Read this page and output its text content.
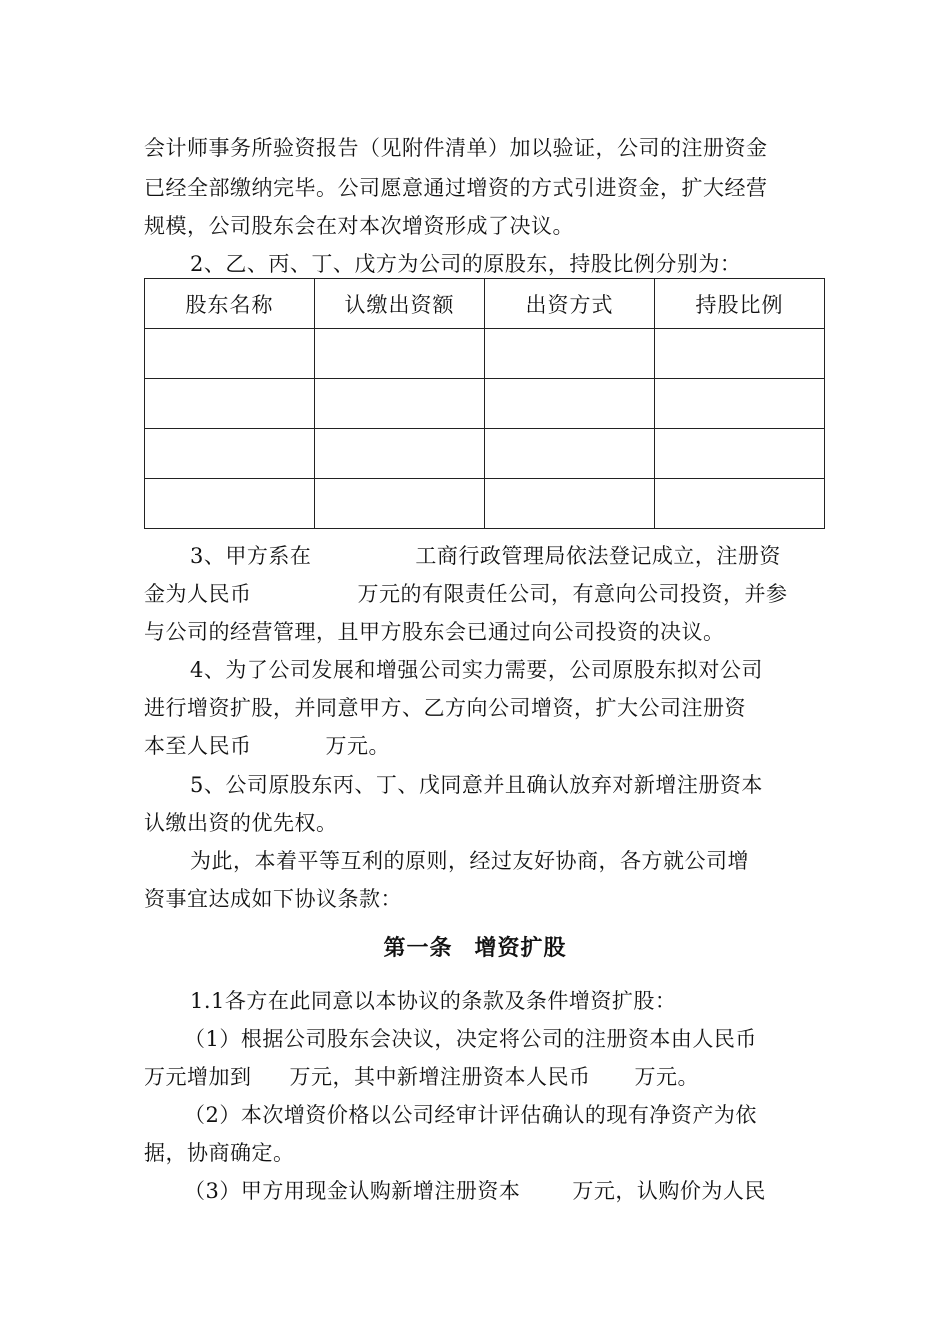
会计师事务所验资报告（见附件清单）加以验证，公司的注册资金
已经全部缴纳完毕。公司愿意通过增资的方式引进资金，扩大经营
规模，公司股东会在对本次增资形成了决议。
2、乙、丙、丁、戊方为公司的原股东，持股比例分别为：
股东名称	认缴出资额	出资方式	持股比例

3、甲方系在	工商行政管理局依法登记成立，注册资
金为人民币	万元的有限责任公司，有意向公司投资，并参
与公司的经营管理，且甲方股东会已通过向公司投资的决议。
4、为了公司发展和增强公司实力需要，公司原股东拟对公司
进行增资扩股，并同意甲方、乙方向公司增资，扩大公司注册资
本至人民币	万元。
5、公司原股东丙、丁、戊同意并且确认放弃对新增注册资本
认缴出资的优先权。
为此，本着平等互利的原则，经过友好协商，各方就公司增
资事宜达成如下协议条款：
第一条 增资扩股
1.1各方在此同意以本协议的条款及条件增资扩股：
（1）根据公司股东会决议，决定将公司的注册资本由人民币
万元增加到 万元，其中新增注册资本人民币 万元。
（2）本次增资价格以公司经审计评估确认的现有净资产为依
据，协商确定。
（3）甲方用现金认购新增注册资本 万元，认购价为人民
